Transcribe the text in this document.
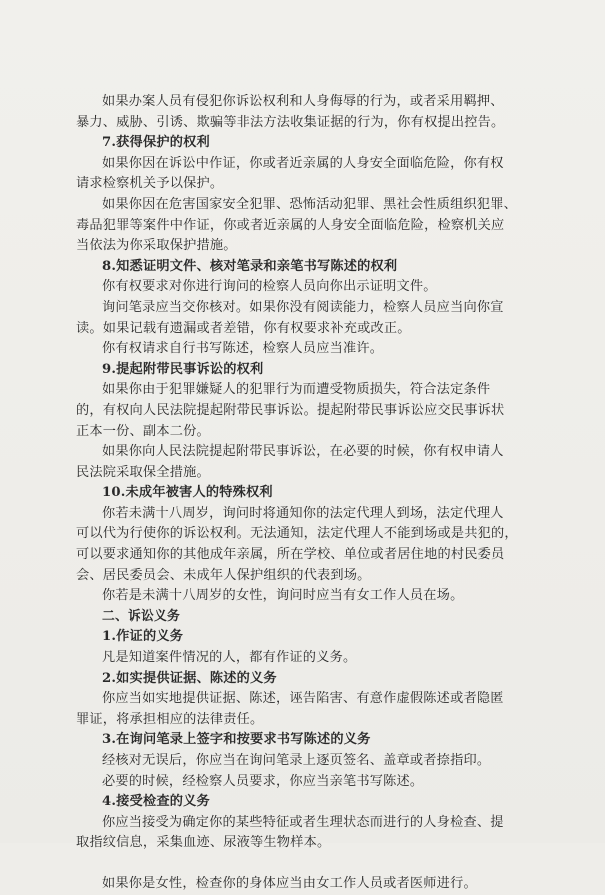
如果办案人员有侵犯你诉讼权利和人身侮辱的行为，或者采用羁押、
暴力、威胁、引诱、欺骗等非法方法收集证据的行为，你有权提出控告。
7.获得保护的权利
如果你因在诉讼中作证，你或者近亲属的人身安全面临危险，你有权
请求检察机关予以保护。
如果你因在危害国家安全犯罪、恐怖活动犯罪、黑社会性质组织犯罪、
毒品犯罪等案件中作证，你或者近亲属的人身安全面临危险，检察机关应
当依法为你采取保护措施。
8.知悉证明文件、核对笔录和亲笔书写陈述的权利
你有权要求对你进行询问的检察人员向你出示证明文件。
询问笔录应当交你核对。如果你没有阅读能力，检察人员应当向你宣
读。如果记载有遗漏或者差错，你有权要求补充或改正。
你有权请求自行书写陈述，检察人员应当准许。
9.提起附带民事诉讼的权利
如果你由于犯罪嫌疑人的犯罪行为而遭受物质损失，符合法定条件
的，有权向人民法院提起附带民事诉讼。提起附带民事诉讼应交民事诉状
正本一份、副本二份。
如果你向人民法院提起附带民事诉讼，在必要的时候，你有权申请人
民法院采取保全措施。
10.未成年被害人的特殊权利
你若未满十八周岁，询问时将通知你的法定代理人到场，法定代理人
可以代为行使你的诉讼权利。无法通知，法定代理人不能到场或是共犯的，
可以要求通知你的其他成年亲属，所在学校、单位或者居住地的村民委员
会、居民委员会、未成年人保护组织的代表到场。
你若是未满十八周岁的女性，询问时应当有女工作人员在场。
二、诉讼义务
1.作证的义务
凡是知道案件情况的人，都有作证的义务。
2.如实提供证据、陈述的义务
你应当如实地提供证据、陈述，诬告陷害、有意作虚假陈述或者隐匿
罪证，将承担相应的法律责任。
3.在询问笔录上签字和按要求书写陈述的义务
经核对无误后，你应当在询问笔录上逐页签名、盖章或者捺指印。
必要的时候，经检察人员要求，你应当亲笔书写陈述。
4.接受检查的义务
你应当接受为确定你的某些特征或者生理状态而进行的人身检查、提
取指纹信息，采集血迹、尿液等生物样本。
如果你是女性，检查你的身体应当由女工作人员或者医师进行。
